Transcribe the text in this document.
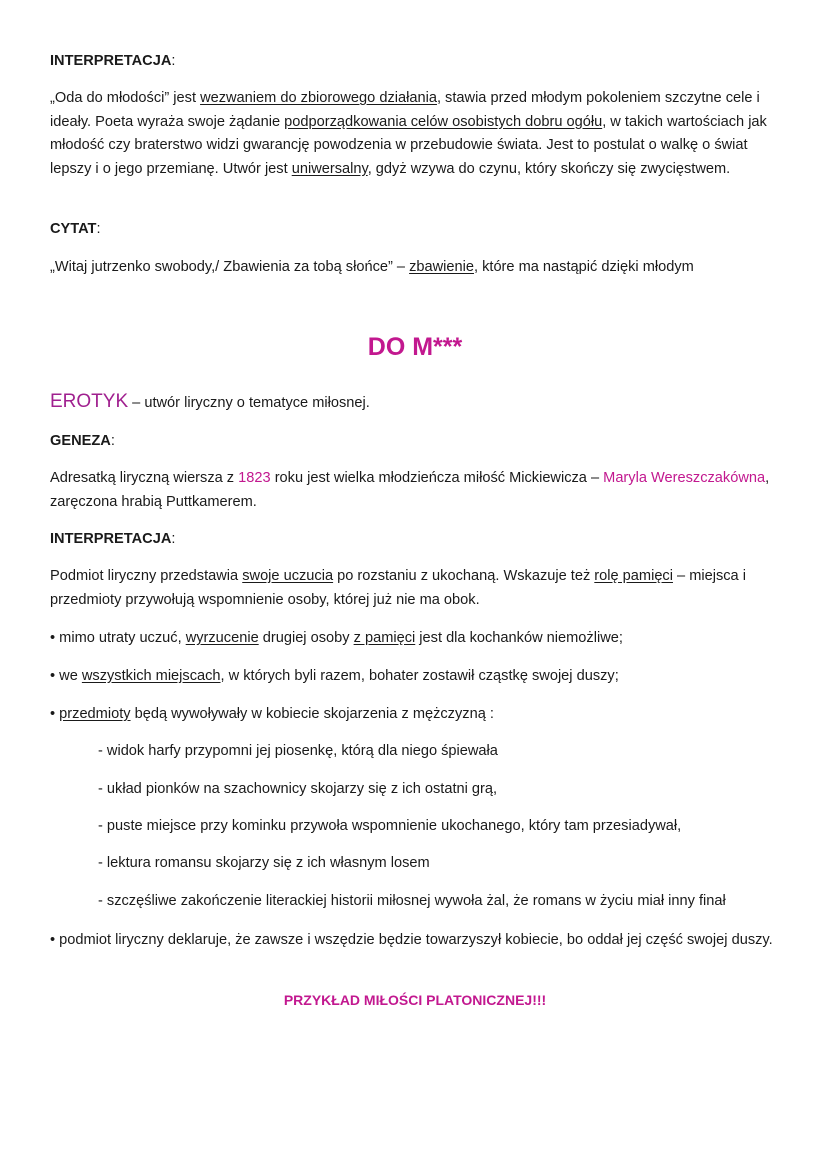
INTERPRETACJA:

„Oda do młodości” jest wezwaniem do zbiorowego działania, stawia przed młodym pokoleniem szczytne cele i ideały. Poeta wyraża swoje żądanie podporządkowania celów osobistych dobru ogółu, w takich wartościach jak młodość czy braterstwo widzi gwarancję powodzenia w przebudowie świata. Jest to postulat o walkę o świat lepszy i o jego przemianę. Utwór jest uniwersalny, gdyż wzywa do czynu, który skończy się zwycięstwem.

CYTAT:

„Witaj jutrzenko swobody,/ Zbawienia za tobą słońce” – zbawienie, które ma nastąpić dzięki młodym

DO M***

EROTYK – utwór liryczny o tematyce miłosnej.

GENEZA:

Adresatką liryczną wiersza z 1823 roku jest wielka młodzieńcza miłość Mickiewicza – Maryla Wereszczakówna, zaręczona hrabią Puttkamerem.

INTERPRETACJA:

Podmiot liryczny przedstawia swoje uczucia po rozstaniu z ukochaną. Wskazuje też rolę pamięci – miejsca i przedmioty przywołują wspomnienie osoby, której już nie ma obok.

• mimo utraty uczuć, wyrzucenie drugiej osoby z pamięci jest dla kochanków niemożliwe;

• we wszystkich miejscach, w których byli razem, bohater zostawił cząstkę swojej duszy;

• przedmioty będą wywoływały w kobiecie skojarzenia z mężczyzną :

- widok harfy przypomni jej piosenkę, którą dla niego śpiewała

- układ pionków na szachownicy skojarzy się z ich ostatni grą,

- puste miejsce przy kominku przywoła wspomnienie ukochanego, który tam przesiadywał,

- lektura romansu skojarzy się z ich własnym losem

- szczęśliwe zakończenie literackiej historii miłosnej wywoła żal, że romans w życiu miał inny finał

• podmiot liryczny deklaruje, że zawsze i wszędzie będzie towarzyszył kobiecie, bo oddał jej część swojej duszy.

PRZYKŁAD MIŁOŚCI PLATONICZNEJ!!!
